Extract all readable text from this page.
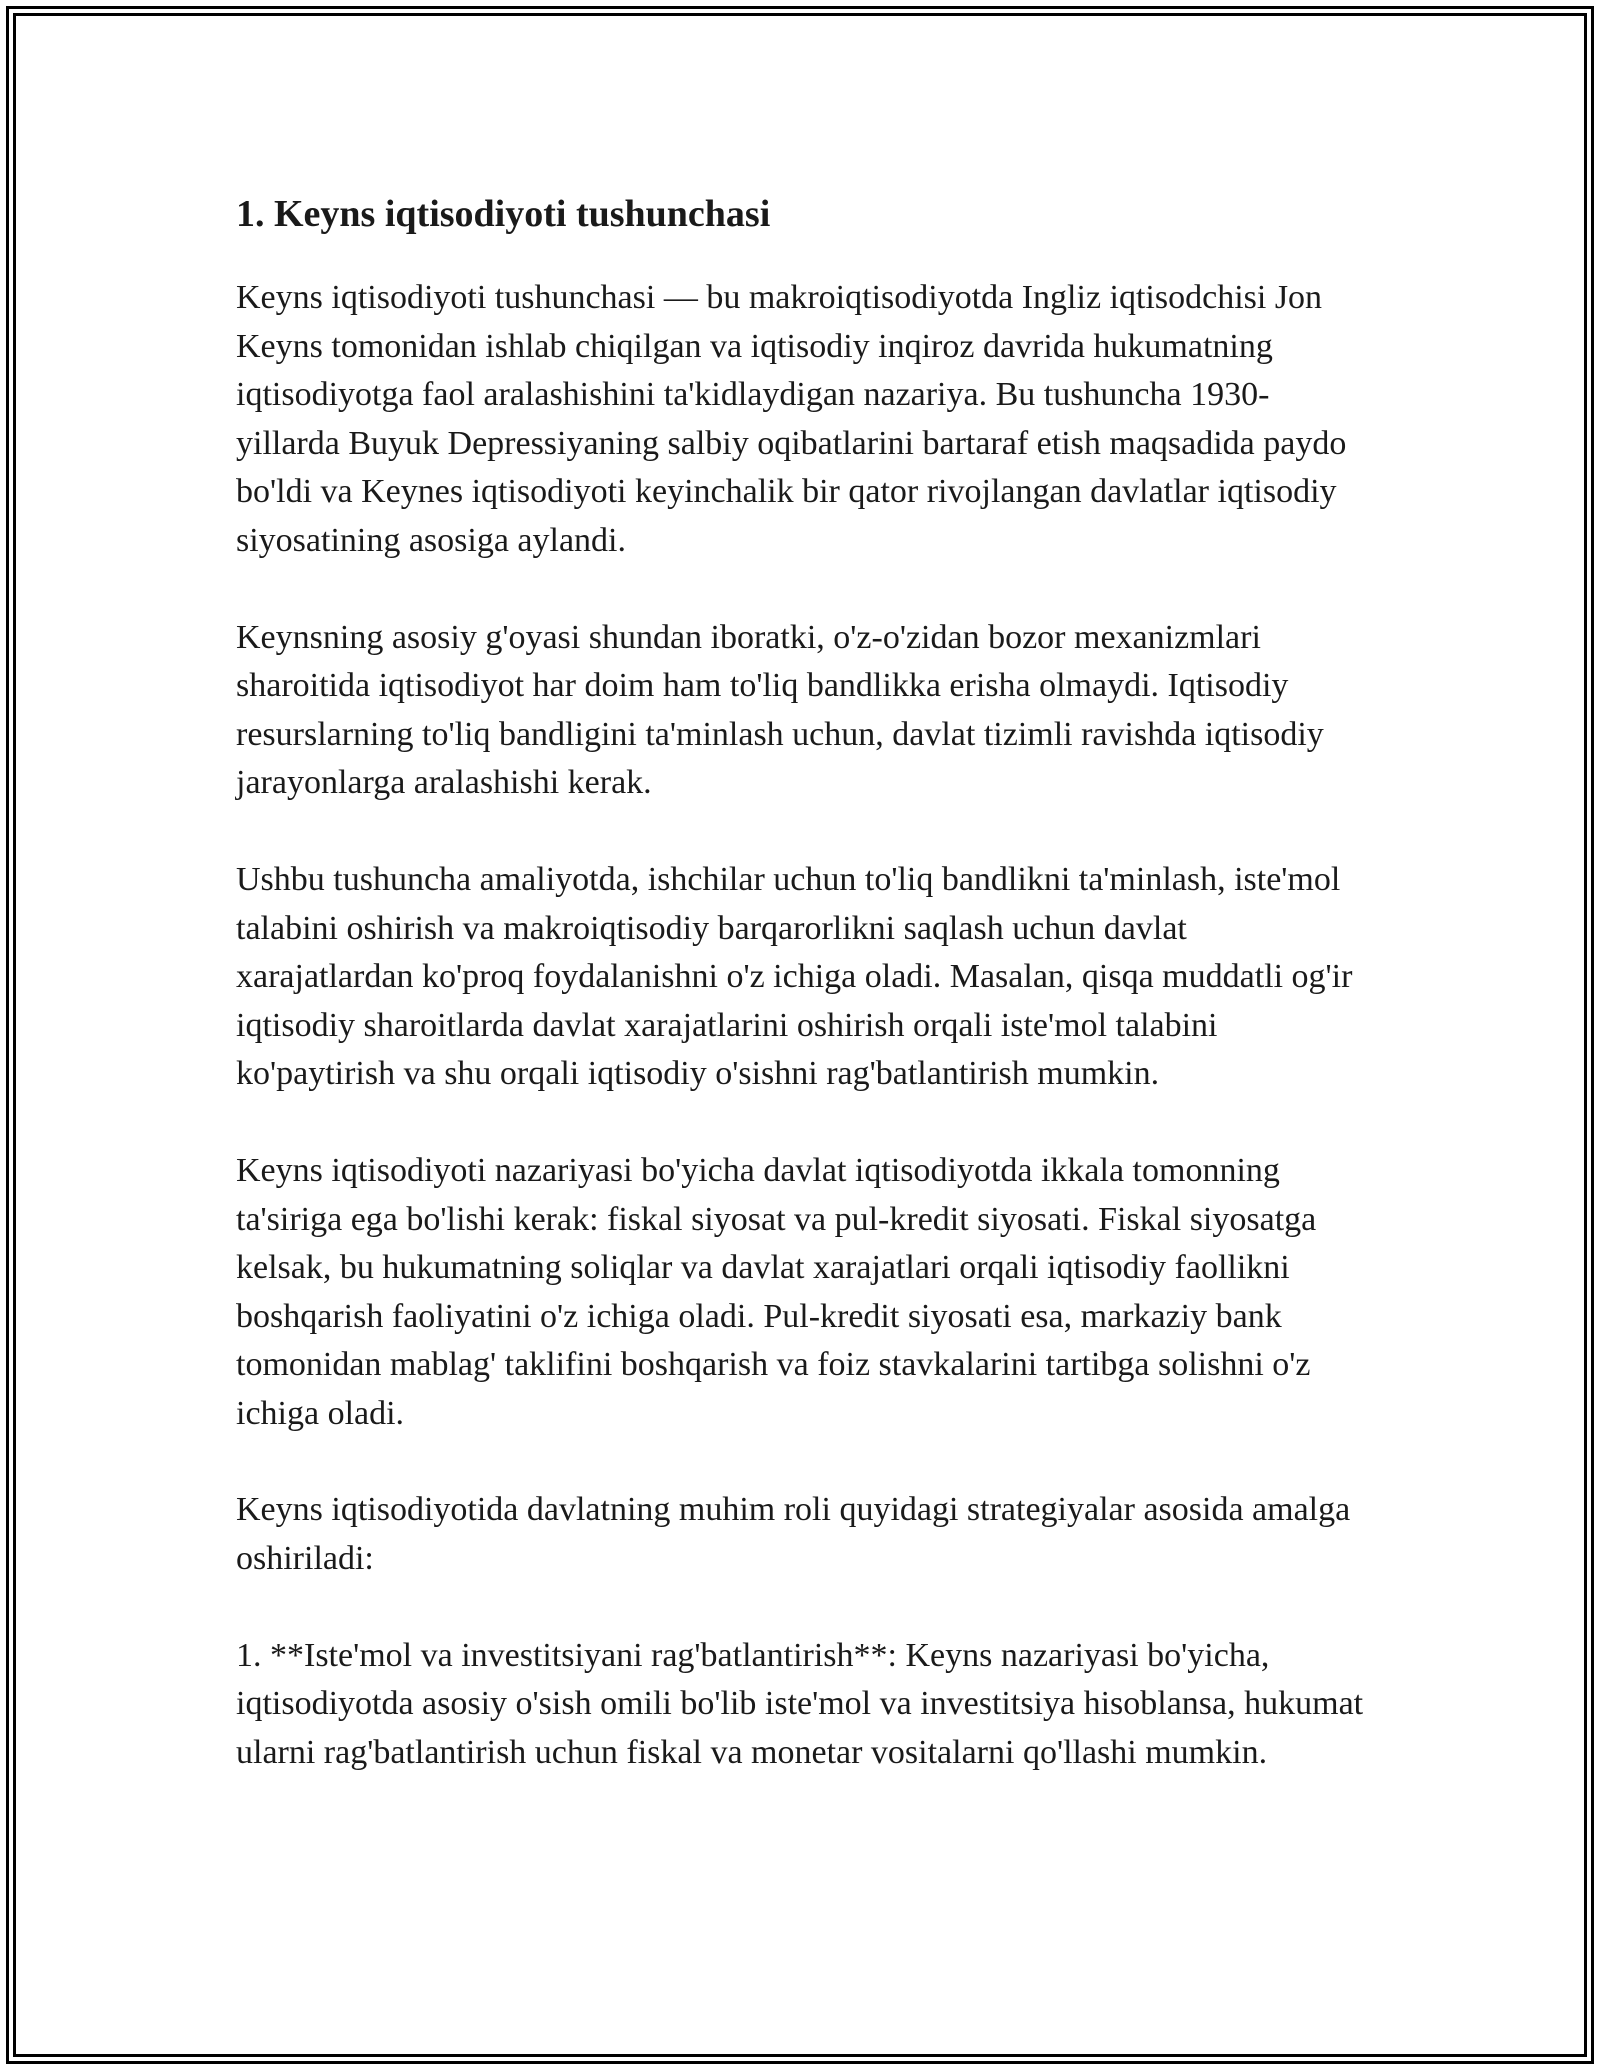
1. Keyns iqtisodiyoti tushunchasi

Keyns iqtisodiyoti tushunchasi — bu makroiqtisodiyotda Ingliz iqtisodchisi Jon Keyns tomonidan ishlab chiqilgan va iqtisodiy inqiroz davrida hukumatning iqtisodiyotga faol aralashishini ta'kidlaydigan nazariya. Bu tushuncha 1930-yillarda Buyuk Depressiyaning salbiy oqibatlarini bartaraf etish maqsadida paydo bo'ldi va Keynes iqtisodiyoti keyinchalik bir qator rivojlangan davlatlar iqtisodiy siyosatining asosiga aylandi.

Keynsning asosiy g'oyasi shundan iboratki, o'z-o'zidan bozor mexanizmlari sharoitida iqtisodiyot har doim ham to'liq bandlikka erisha olmaydi. Iqtisodiy resurslarning to'liq bandligini ta'minlash uchun, davlat tizimli ravishda iqtisodiy jarayonlarga aralashishi kerak.

Ushbu tushuncha amaliyotda, ishchilar uchun to'liq bandlikni ta'minlash, iste'mol talabini oshirish va makroiqtisodiy barqarorlikni saqlash uchun davlat xarajatlardan ko'proq foydalanishni o'z ichiga oladi. Masalan, qisqa muddatli og'ir iqtisodiy sharoitlarda davlat xarajatlarini oshirish orqali iste'mol talabini ko'paytirish va shu orqali iqtisodiy o'sishni rag'batlantirish mumkin.

Keyns iqtisodiyoti nazariyasi bo'yicha davlat iqtisodiyotda ikkala tomonning ta'siriga ega bo'lishi kerak: fiskal siyosat va pul-kredit siyosati. Fiskal siyosatga kelsak, bu hukumatning soliqlar va davlat xarajatlari orqali iqtisodiy faollikni boshqarish faoliyatini o'z ichiga oladi. Pul-kredit siyosati esa, markaziy bank tomonidan mablag' taklifini boshqarish va foiz stavkalarini tartibga solishni o'z ichiga oladi.

Keyns iqtisodiyotida davlatning muhim roli quyidagi strategiyalar asosida amalga oshiriladi:

1. **Iste'mol va investitsiyani rag'batlantirish**: Keyns nazariyasi bo'yicha, iqtisodiyotda asosiy o'sish omili bo'lib iste'mol va investitsiya hisoblansa, hukumat ularni rag'batlantirish uchun fiskal va monetar vositalarni qo'llashi mumkin.
